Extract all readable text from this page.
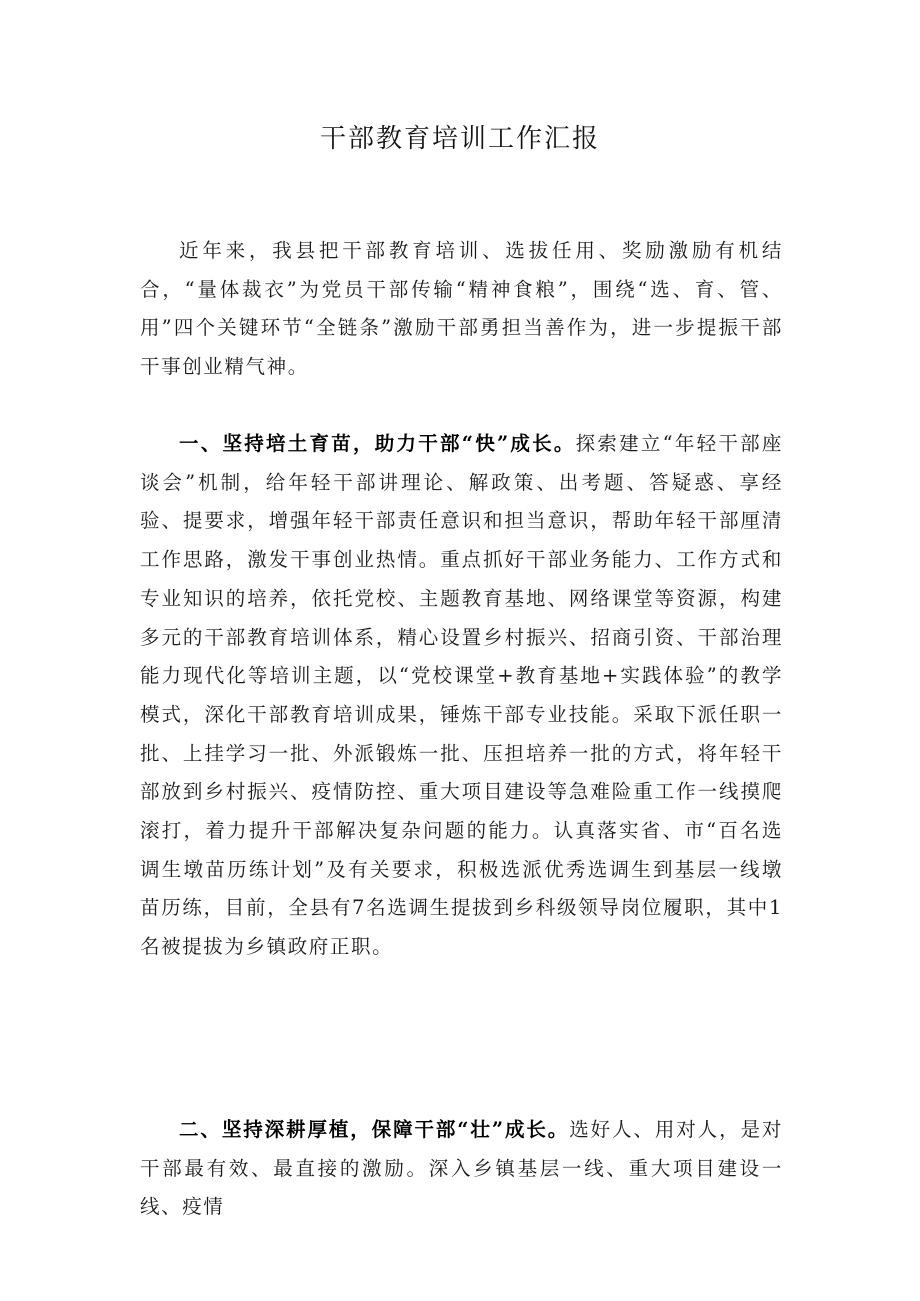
干部教育培训工作汇报

近年来，我县把干部教育培训、选拔任用、奖励激励有机结合，“量体裁衣”为党员干部传输“精神食粮”，围绕“选、育、管、用”四个关键环节“全链条”激励干部勇担当善作为，进一步提振干部干事创业精气神。

一、坚持培土育苗，助力干部“快”成长。探索建立“年轻干部座谈会”机制，给年轻干部讲理论、解政策、出考题、答疑惑、享经验、提要求，增强年轻干部责任意识和担当意识，帮助年轻干部厘清工作思路，激发干事创业热情。重点抓好干部业务能力、工作方式和专业知识的培养，依托党校、主题教育基地、网络课堂等资源，构建多元的干部教育培训体系，精心设置乡村振兴、招商引资、干部治理能力现代化等培训主题，以“党校课堂+教育基地+实践体验”的教学模式，深化干部教育培训成果，锤炼干部专业技能。采取下派任职一批、上挂学习一批、外派锻炼一批、压担培养一批的方式，将年轻干部放到乡村振兴、疫情防控、重大项目建设等急难险重工作一线摸爬滚打，着力提升干部解决复杂问题的能力。认真落实省、市“百名选调生墩苗历练计划”及有关要求，积极选派优秀选调生到基层一线墩苗历练，目前，全县有7名选调生提拔到乡科级领导岗位履职，其中1名被提拔为乡镇政府正职。

二、坚持深耕厚植，保障干部“壮”成长。选好人、用对人，是对干部最有效、最直接的激励。深入乡镇基层一线、重大项目建设一线、疫情
